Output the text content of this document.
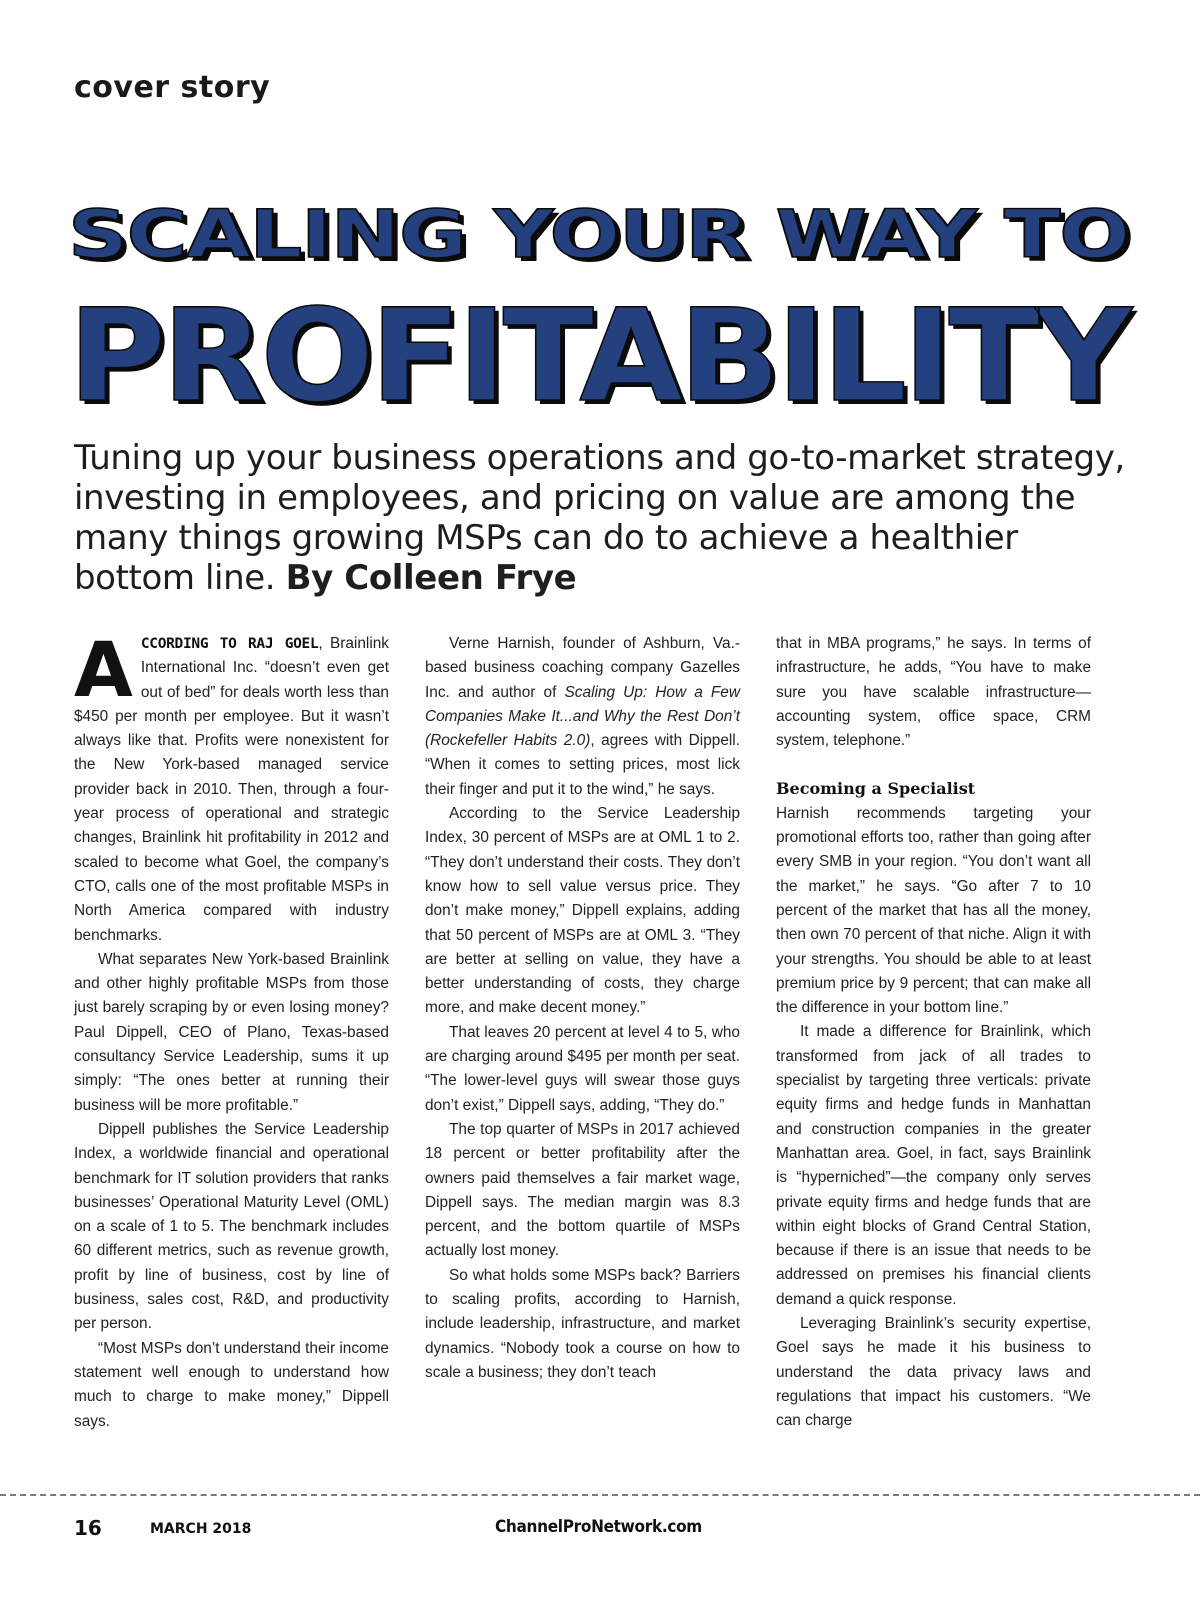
cover story
SCALING YOUR WAY TO
PROFITABILITY
Tuning up your business operations and go-to-market strategy, investing in employees, and pricing on value are among the many things growing MSPs can do to achieve a healthier bottom line. By Colleen Frye

ACCORDING TO RAJ GOEL, Brainlink International Inc. “doesn’t even get out of bed” for deals worth less than $450 per month per employee. But it wasn’t always like that. Profits were nonexistent for the New York-based managed service provider back in 2010. Then, through a four-year process of operational and strategic changes, Brainlink hit profitability in 2012 and scaled to become what Goel, the company’s CTO, calls one of the most profitable MSPs in North America compared with industry benchmarks.

What separates New York-based Brainlink and other highly profitable MSPs from those just barely scraping by or even losing money? Paul Dippell, CEO of Plano, Texas-based consultancy Service Leadership, sums it up simply: “The ones better at running their business will be more profitable.”

Dippell publishes the Service Leadership Index, a worldwide financial and operational benchmark for IT solution providers that ranks businesses’ Operational Maturity Level (OML) on a scale of 1 to 5. The benchmark includes 60 different metrics, such as revenue growth, profit by line of business, cost by line of business, sales cost, R&D, and productivity per person.

“Most MSPs don’t understand their income statement well enough to understand how much to charge to make money,” Dippell says.

Verne Harnish, founder of Ashburn, Va.-based business coaching company Gazelles Inc. and author of Scaling Up: How a Few Companies Make It...and Why the Rest Don’t (Rockefeller Habits 2.0), agrees with Dippell. “When it comes to setting prices, most lick their finger and put it to the wind,” he says.

According to the Service Leadership Index, 30 percent of MSPs are at OML 1 to 2. “They don’t understand their costs. They don’t know how to sell value versus price. They don’t make money,” Dippell explains, adding that 50 percent of MSPs are at OML 3. “They are better at selling on value, they have a better understanding of costs, they charge more, and make decent money.”

That leaves 20 percent at level 4 to 5, who are charging around $495 per month per seat. “The lower-level guys will swear those guys don’t exist,” Dippell says, adding, “They do.”

The top quarter of MSPs in 2017 achieved 18 percent or better profitability after the owners paid themselves a fair market wage, Dippell says. The median margin was 8.3 percent, and the bottom quartile of MSPs actually lost money.

So what holds some MSPs back? Barriers to scaling profits, according to Harnish, include leadership, infrastructure, and market dynamics. “Nobody took a course on how to scale a business; they don’t teach

that in MBA programs,” he says. In terms of infrastructure, he adds, “You have to make sure you have scalable infrastructure—accounting system, office space, CRM system, telephone.”

Becoming a Specialist

Harnish recommends targeting your promotional efforts too, rather than going after every SMB in your region. “You don’t want all the market,” he says. “Go after 7 to 10 percent of the market that has all the money, then own 70 percent of that niche. Align it with your strengths. You should be able to at least premium price by 9 percent; that can make all the difference in your bottom line.”

It made a difference for Brainlink, which transformed from jack of all trades to specialist by targeting three verticals: private equity firms and hedge funds in Manhattan and construction companies in the greater Manhattan area. Goel, in fact, says Brainlink is “hyperniched”—the company only serves private equity firms and hedge funds that are within eight blocks of Grand Central Station, because if there is an issue that needs to be addressed on premises his financial clients demand a quick response.

Leveraging Brainlink’s security expertise, Goel says he made it his business to understand the data privacy laws and regulations that impact his customers. “We can charge

16	MARCH 2018	ChannelProNetwork.com
